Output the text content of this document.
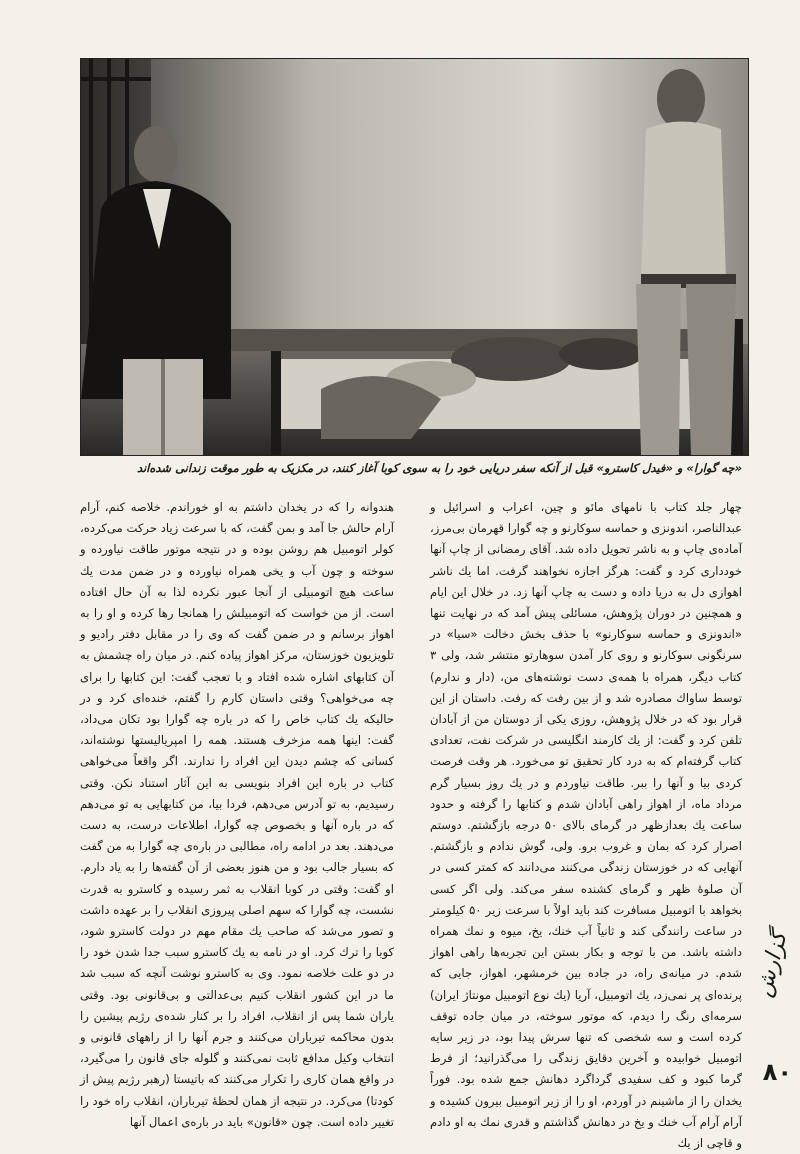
«چه گوارا» و «فیدل کاسترو» قبل از آنکه سفر دریایی خود را به سوی کوبا آغاز کنند، در مکزیک به طور موقت زندانی شده‌اند

چهار جلد کتاب با نامهای مائو و چین، اعراب و اسرائیل و عبدالناصر، اندونزی و حماسه سوکارنو و چه گوارا قهرمان بی‌مرز، آماده‌ی چاپ و به ناشر تحویل داده شد. آقای رمضانی از چاپ آنها خودداری کرد و گفت: هرگز اجازه نخواهند گرفت. اما یك ناشر اهوازی دل به دریا داده و دست به چاپ آنها زد. در خلال این ایام و همچنین در دوران پژوهش، مسائلی پیش آمد که در نهایت تنها «اندونزی و حماسه سوکارنو» با حذف بخش دخالت «سیا» در سرنگونی سوکارنو و روی کار آمدن سوهارتو منتشر شد، ولی ۳ کتاب دیگر، همراه با همه‌ی دست نوشته‌های من، (دار و ندارم) توسط ساواك مصادره شد و از بین رفت که رفت. داستان از این قرار بود که در خلال پژوهش، روزی یکی از دوستان من از آبادان تلفن کرد و گفت: از یك کارمند انگلیسی در شرکت نفت، تعدادی کتاب گرفته‌ام که به درد کار تحقیق تو می‌خورد. هر وقت فرصت کردی بیا و آنها را ببر. طاقت نیاوردم و در یك روز بسیار گرم مرداد ماه، از اهواز راهی آبادان شدم و کتابها را گرفته و حدود ساعت یك بعدازظهر در گرمای بالای ۵۰ درجه بازگشتم. دوستم اصرار کرد که بمان و غروب برو. ولی، گوش ندادم و بازگشتم. آنهایی که در خوزستان زندگی می‌کنند می‌دانند که کمتر کسی در آن صلوهٔ ظهر و گرمای کشنده سفر می‌کند. ولی اگر کسی بخواهد با اتومبیل مسافرت کند باید اولاً با سرعت زیر ۵۰ کیلومتر در ساعت رانندگی کند و ثانیاً آب خنك، یخ، میوه و نمك همراه داشته باشد. من با توجه و بکار بستن این تجربه‌ها راهی اهواز شدم. در میانه‌ی راه، در جاده بین خرمشهر، اهواز، جایی که پرنده‌ای پر نمی‌زد، یك اتومبیل، آریا (یك نوع اتومبیل مونتاژ ایران) سرمه‌ای رنگ را دیدم، که موتور سوخته، در میان جاده توقف کرده است و سه شخصی که تنها سرش پیدا بود، در زیر سایه اتومبیل خوابیده و آخرین دقایق زندگی را می‌گذرانید؛ از فرط گرما کبود و کف سفیدی گرداگرد دهانش جمع شده بود. فوراً یخدان را از ماشینم در آوردم، او را از زیر اتومبیل بیرون کشیده و آرام آرام آب خنك و یخ در دهانش گذاشتم و قدری نمك به او دادم و قاچی از یك

هندوانه را که در یخدان داشتم به او خوراندم. خلاصه کنم، آرام آرام حالش جا آمد و بمن گفت، که با سرعت زیاد حرکت می‌کرده، کولر اتومبیل هم روشن بوده و در نتیجه موتور طاقت نیاورده و سوخته و چون آب و یخی همراه نیاورده و در ضمن مدت یك ساعت هیچ اتومبیلی از آنجا عبور نکرده لذا به آن حال افتاده است. از من خواست که اتومبیلش را همانجا رها کرده و او را به اهواز برسانم و در ضمن گفت که وی را در مقابل دفتر رادیو و تلویزیون خوزستان، مرکز اهواز پیاده کنم. در میان راه چشمش به آن کتابهای اشاره شده افتاد و با تعجب گفت: این کتابها را برای چه می‌خواهی؟ وقتی داستان کارم را گفتم، خنده‌ای کرد و در حالیکه یك کتاب خاص را که در باره چه گوارا بود تکان می‌داد، گفت: اینها همه مزخرف هستند. همه را امپریالیستها نوشته‌اند، کسانی که چشم دیدن این افراد را ندارند. اگر واقعاً می‌خواهی کتاب در باره این افراد بنویسی به این آثار استناد نکن. وقتی رسیدیم، به تو آدرس می‌دهم، فردا بیا، من کتابهایی به تو می‌دهم که در باره آنها و بخصوص چه گوارا، اطلاعات درست، به دست می‌دهند. بعد در ادامه راه، مطالبی در باره‌ی چه گوارا به من گفت که بسیار جالب بود و من هنوز بعضی از آن گفته‌ها را به یاد دارم. او گفت: وقتی در کوبا انقلاب به ثمر رسیده و کاسترو به قدرت نشست، چه گوارا که سهم اصلی پیروزی انقلاب را بر عهده داشت و تصور می‌شد که صاحب یك مقام مهم در دولت کاسترو شود، کوبا را ترك کرد. او در نامه به یك کاسترو سبب جدا شدن خود را در دو علت خلاصه نمود. وی به کاسترو نوشت آنچه که سبب شد ما در این کشور انقلاب کنیم بی‌عدالتی و بی‌قانونی بود. وقتی یاران شما پس از انقلاب، افراد را بر کنار شده‌ی رژیم پیشین را بدون محاکمه تیرباران می‌کنند و جرم آنها را از راههای قانونی و انتخاب وکیل مدافع ثابت نمی‌کنند و گلوله جای قانون را می‌گیرد، در واقع همان کاری را تکرار می‌کنند که باتیستا (رهبر رژیم پیش از کودتا) می‌کرد. در نتیجه از همان لحظهٔ تیرباران، انقلاب راه خود را تغییر داده است. چون «قانون» باید در باره‌ی اعمال آنها

گزارش
۸۰
